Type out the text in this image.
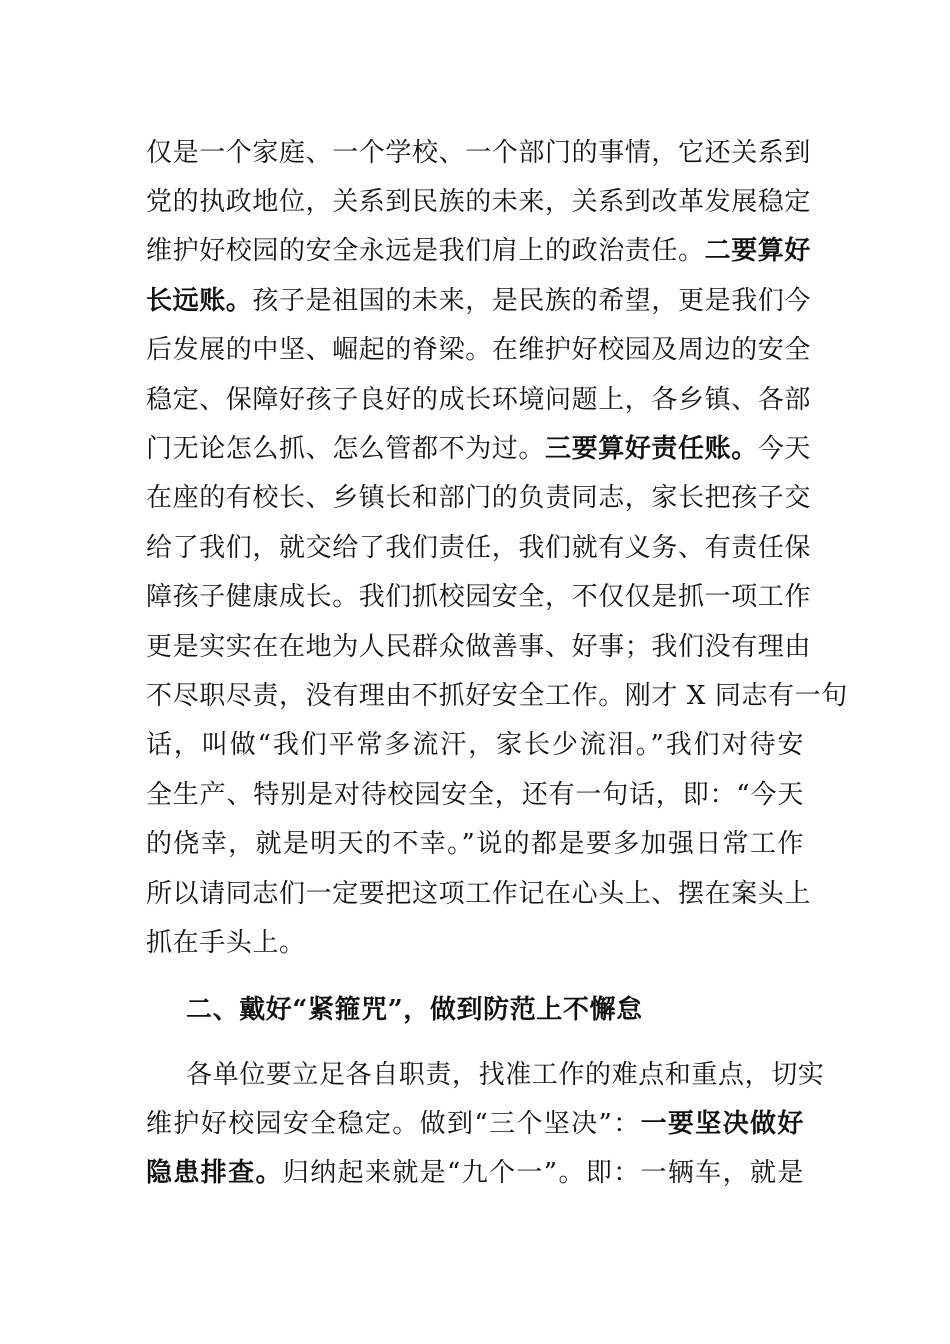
仅是一个家庭、一个学校、一个部门的事情，它还关系到
党的执政地位，关系到民族的未来，关系到改革发展稳定
维护好校园的安全永远是我们肩上的政治责任。二要算好
长远账。孩子是祖国的未来，是民族的希望，更是我们今
后发展的中坚、崛起的脊梁。在维护好校园及周边的安全
稳定、保障好孩子良好的成长环境问题上，各乡镇、各部
门无论怎么抓、怎么管都不为过。三要算好责任账。今天
在座的有校长、乡镇长和部门的负责同志，家长把孩子交
给了我们，就交给了我们责任，我们就有义务、有责任保
障孩子健康成长。我们抓校园安全，不仅仅是抓一项工作
更是实实在在地为人民群众做善事、好事；我们没有理由
不尽职尽责，没有理由不抓好安全工作。刚才 X 同志有一句
话，叫做“我们平常多流汗，家长少流泪。”我们对待安
全生产、特别是对待校园安全，还有一句话，即：“今天
的侥幸，就是明天的不幸。”说的都是要多加强日常工作
所以请同志们一定要把这项工作记在心头上、摆在案头上
抓在手头上。
二、戴好“紧箍咒”，做到防范上不懈怠
各单位要立足各自职责，找准工作的难点和重点，切实
维护好校园安全稳定。做到“三个坚决”：一要坚决做好
隐患排查。归纳起来就是“九个一”。即：一辆车，就是
